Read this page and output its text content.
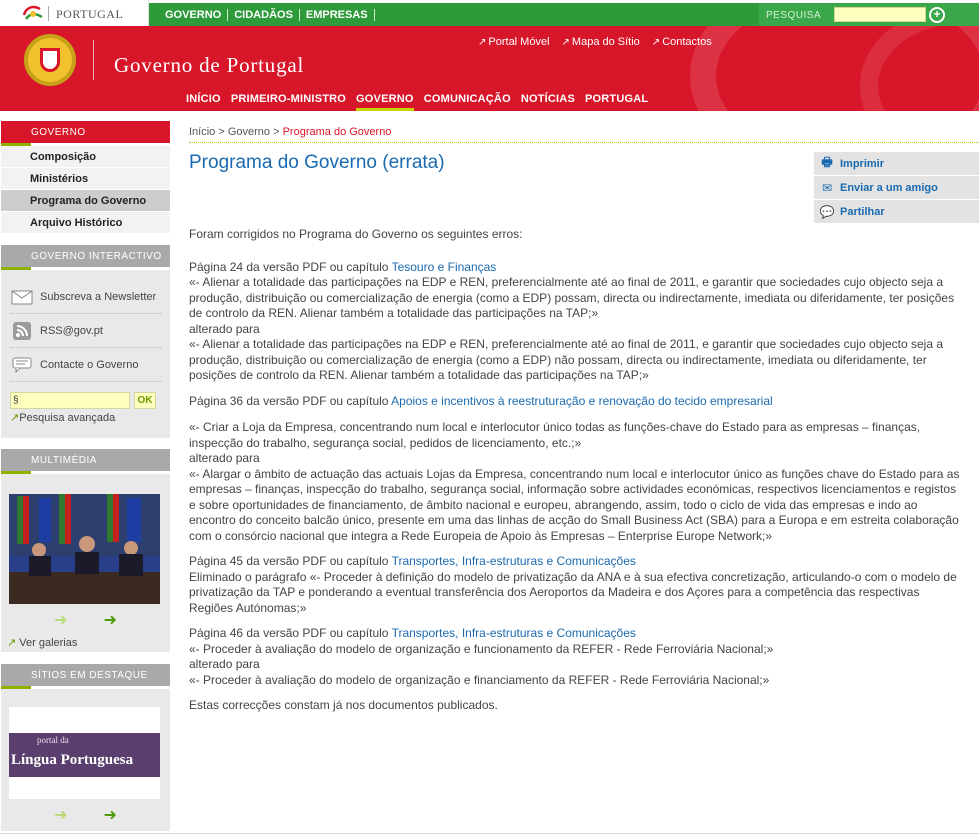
PORTUGAL	GOVERNO	CIDADÃOS	EMPRESAS	PESQUISA	+
Governo de Portugal
↗ Portal Móvel ↗ Mapa do Sítio ↗ Contactos
INÍCIO PRIMEIRO-MINISTRO GOVERNO COMUNICAÇÃO NOTÍCIAS PORTUGAL
GOVERNO
Composição
Ministérios
Programa do Governo
Arquivo Histórico
GOVERNO INTERACTIVO
Subscreva a Newsletter
RSS@gov.pt
Contacte o Governo
§	OK
↗Pesquisa avançada
MULTIMÉDIA
➜ ➜
↗ Ver galerias
SÍTIOS EM DESTAQUE
portal da
Língua Portuguesa
➜ ➜
Início > Governo > Programa do Governo
Programa do Governo (errata)	🖶 Imprimir
✉ Enviar a um amigo
💬 Partilhar

Foram corrigidos no Programa do Governo os seguintes erros:

Página 24 da versão PDF ou capítulo Tesouro e Finanças
«- Alienar a totalidade das participações na EDP e REN, preferencialmente até ao final de 2011, e garantir que sociedades cujo objecto seja a produção, distribuição ou comercialização de energia (como a EDP) possam, directa ou indirectamente, imediata ou diferidamente, ter posições de controlo da REN. Alienar também a totalidade das participações na TAP;»
alterado para
«- Alienar a totalidade das participações na EDP e REN, preferencialmente até ao final de 2011, e garantir que sociedades cujo objecto seja a produção, distribuição ou comercialização de energia (como a EDP) não possam, directa ou indirectamente, imediata ou diferidamente, ter posições de controlo da REN. Alienar também a totalidade das participações na TAP;»
Página 36 da versão PDF ou capítulo Apoios e incentivos à reestruturação e renovação do tecido empresarial
«- Criar a Loja da Empresa, concentrando num local e interlocutor único todas as funções-chave do Estado para as empresas – finanças, inspecção do trabalho, segurança social, pedidos de licenciamento, etc.;»
alterado para
«- Alargar o âmbito de actuação das actuais Lojas da Empresa, concentrando num local e interlocutor único as funções chave do Estado para as empresas – finanças, inspecção do trabalho, segurança social, informação sobre actividades económicas, respectivos licenciamentos e registos e sobre oportunidades de financiamento, de âmbito nacional e europeu, abrangendo, assim, todo o ciclo de vida das empresas e indo ao encontro do conceito balcão único, presente em uma das linhas de acção do Small Business Act (SBA) para a Europa e em estreita colaboração com o consórcio nacional que integra a Rede Europeia de Apoio às Empresas – Enterprise Europe Network;»
Página 45 da versão PDF ou capítulo Transportes, Infra-estruturas e Comunicações
Eliminado o parágrafo «- Proceder à definição do modelo de privatização da ANA e à sua efectiva concretização, articulando-o com o modelo de privatização da TAP e ponderando a eventual transferência dos Aeroportos da Madeira e dos Açores para a competência das respectivas Regiões Autónomas;»
Página 46 da versão PDF ou capítulo Transportes, Infra-estruturas e Comunicações
«- Proceder à avaliação do modelo de organização e funcionamento da REFER - Rede Ferroviária Nacional;»
alterado para
«- Proceder à avaliação do modelo de organização e financiamento da REFER - Rede Ferroviária Nacional;»

Estas correcções constam já nos documentos publicados.
